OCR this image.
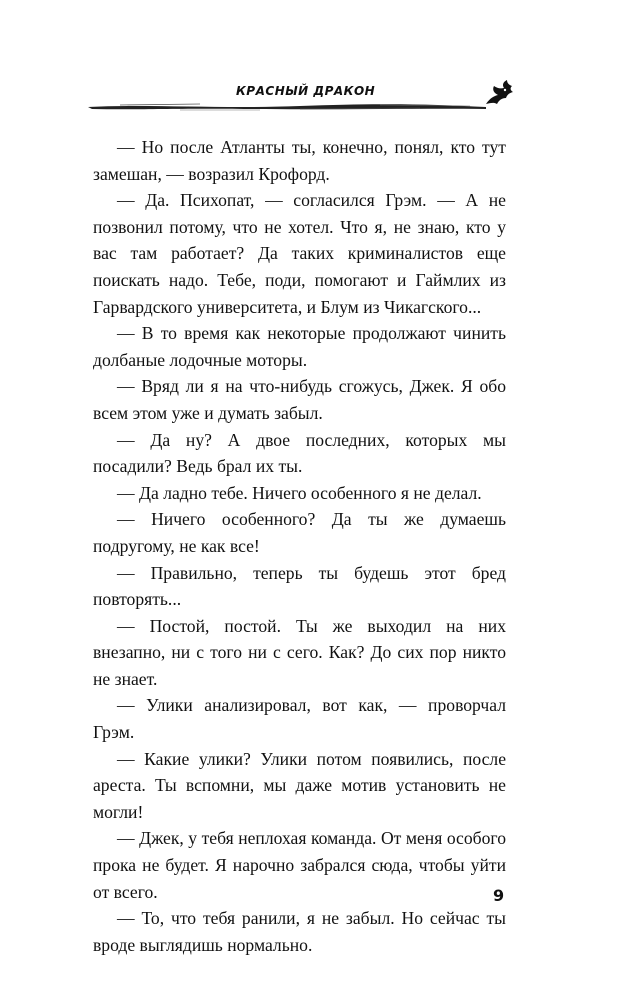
КРАСНЫЙ ДРАКОН

— Но после Атланты ты, конечно, понял, кто тут замешан, — возразил Крофорд.

— Да. Психопат, — согласился Грэм. — А не позвонил потому, что не хотел. Что я, не знаю, кто у вас там работает? Да таких криминалистов еще поискать надо. Тебе, поди, помогают и Гаймлих из Гарвардского университета, и Блум из Чикагского...

— В то время как некоторые продолжают чинить долбаные лодочные моторы.

— Вряд ли я на что-нибудь сгожусь, Джек. Я обо всем этом уже и думать забыл.

— Да ну? А двое последних, которых мы посадили? Ведь брал их ты.

— Да ладно тебе. Ничего особенного я не делал.

— Ничего особенного? Да ты же думаешь подругому, не как все!

— Правильно, теперь ты будешь этот бред повторять...

— Постой, постой. Ты же выходил на них внезапно, ни с того ни с сего. Как? До сих пор никто не знает.

— Улики анализировал, вот как, — проворчал Грэм.

— Какие улики? Улики потом появились, после ареста. Ты вспомни, мы даже мотив установить не могли!

— Джек, у тебя неплохая команда. От меня особого прока не будет. Я нарочно забрался сюда, чтобы уйти от всего.

— То, что тебя ранили, я не забыл. Но сейчас ты вроде выглядишь нормально.

9
